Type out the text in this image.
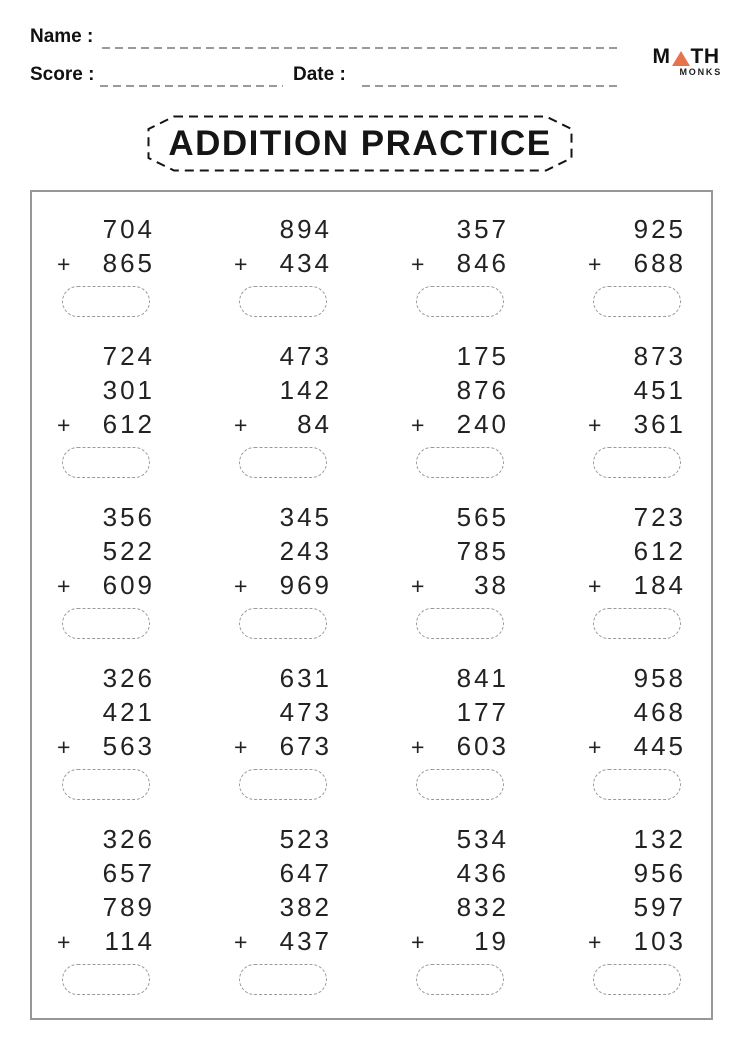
Name :
Score :	Date :
M TH
MONKS
ADDITION PRACTICE
704
+ 865
894
+ 434
357
+ 846
925
+ 688
724
301
+ 612
473
142
+ 84
175
876
+ 240
873
451
+ 361
356
522
+ 609
345
243
+ 969
565
785
+ 38
723
612
+ 184
326
421
+ 563
631
473
+ 673
841
177
+ 603
958
468
+ 445
326
657
789
+ 114
523
647
382
+ 437
534
436
832
+ 19
132
956
597
+ 103
